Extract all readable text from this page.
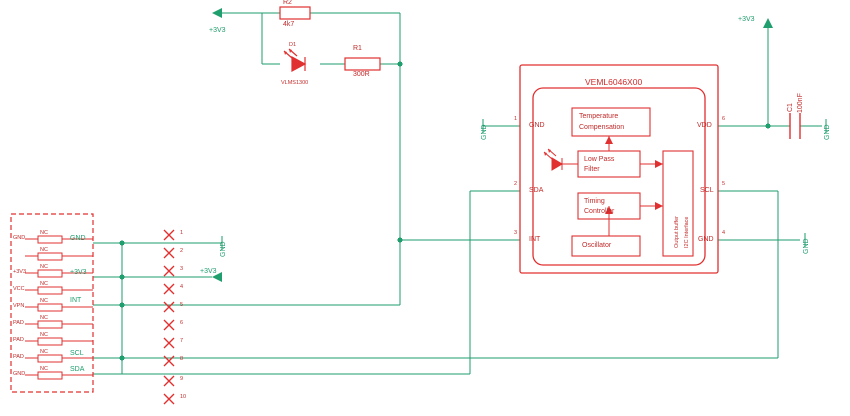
+3V3
+3V3
+3V3
GND
GND
GND
GND
R2
4k7
R1
300R
D1
VLMS1300
C1 100nF
VEML6046X00
1
2
3	4
5
6
GND
SDA
INT	GND
SCL
VDD
Temperature
Compensation
Low Pass
Filter
Timing
Controller
Oscillator	Output buffer I2C Interface
1
2
3
4
5
6
7
8
9
10
GND
+3V3
VCC
VPN
PAD
PAD
PAD
GND
NC
NC
NC
NC
NC
NC
NC
NC
NC
GND
+3V3
INT
SCL
SDA
